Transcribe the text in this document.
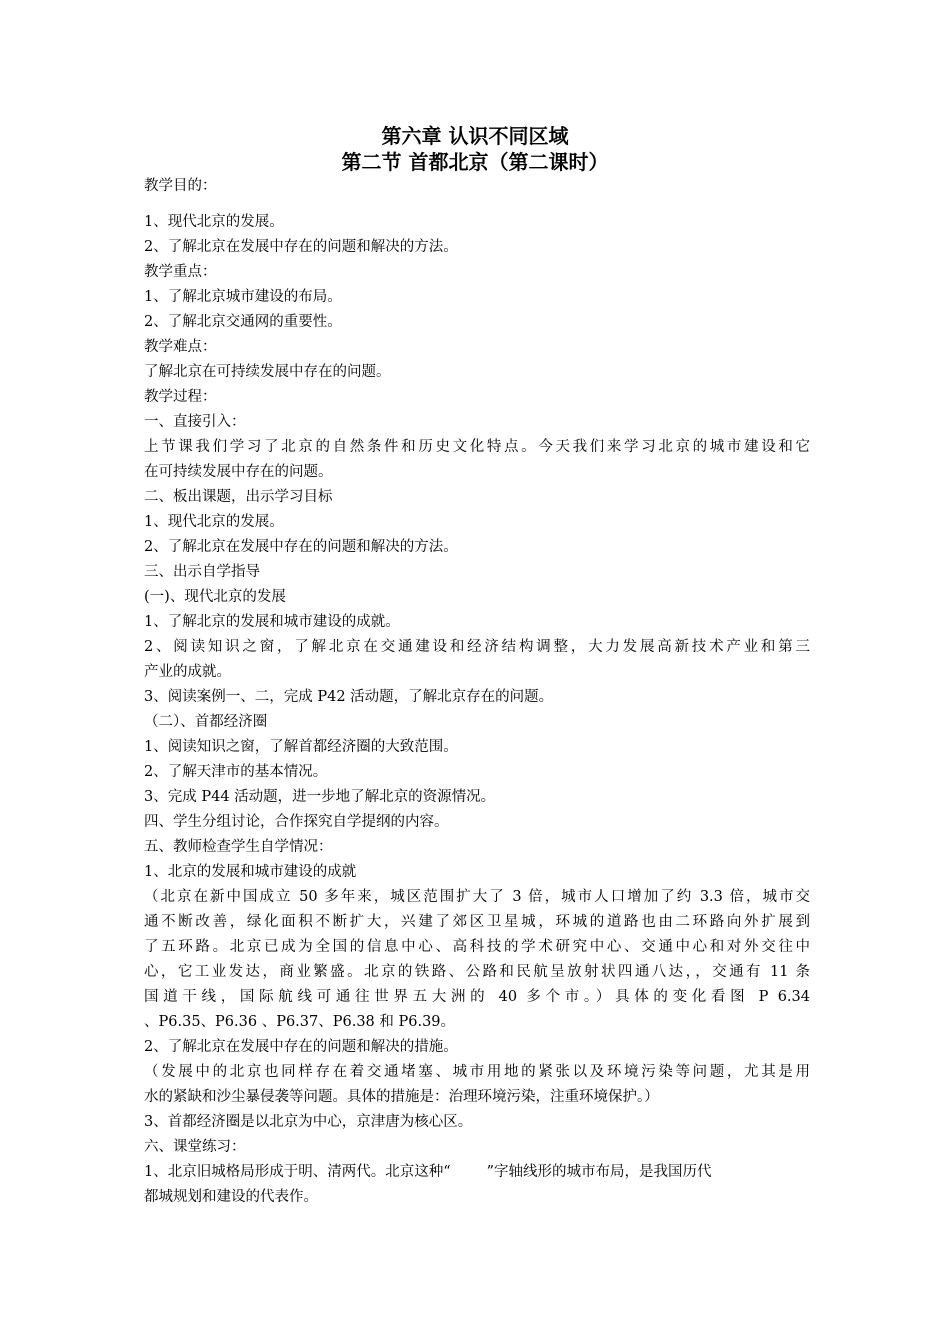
第六章 认识不同区域
第二节 首都北京（第二课时）
教学目的：
1、现代北京的发展。
2、了解北京在发展中存在的问题和解决的方法。
教学重点：
1、了解北京城市建设的布局。
2、了解北京交通网的重要性。
教学难点：
了解北京在可持续发展中存在的问题。
教学过程：
一、直接引入：
上节课我们学习了北京的自然条件和历史文化特点。今天我们来学习北京的城市建设和它
在可持续发展中存在的问题。
二、板出课题，出示学习目标
1、现代北京的发展。
2、了解北京在发展中存在的问题和解决的方法。
三、出示自学指导
(一)、现代北京的发展
1、了解北京的发展和城市建设的成就。
2、阅读知识之窗，了解北京在交通建设和经济结构调整，大力发展高新技术产业和第三
产业的成就。
3、阅读案例一、二，完成 P42 活动题，了解北京存在的问题。
（二）、首都经济圈
1、阅读知识之窗，了解首都经济圈的大致范围。
2、了解天津市的基本情况。
3、完成 P44 活动题，进一步地了解北京的资源情况。
四、学生分组讨论，合作探究自学提纲的内容。
五、教师检查学生自学情况：
1、北京的发展和城市建设的成就
（北京在新中国成立 50 多年来，城区范围扩大了 3 倍，城市人口增加了约 3.3 倍，城市交
通不断改善，绿化面积不断扩大，兴建了郊区卫星城，环城的道路也由二环路向外扩展到
了五环路。北京已成为全国的信息中心、高科技的学术研究中心、交通中心和对外交往中
心，它工业发达，商业繁盛。北京的铁路、公路和民航呈放射状四通八达，，交通有 11 条
国道干线，国际航线可通往世界五大洲的 40 多个市。）具体的变化看图 P 6.34
、P6.35、P6.36 、P6.37、P6.38 和 P6.39。
2、了解北京在发展中存在的问题和解决的措施。
（发展中的北京也同样存在着交通堵塞、城市用地的紧张以及环境污染等问题，尤其是用
水的紧缺和沙尘暴侵袭等问题。具体的措施是：治理环境污染，注重环境保护。）
3、首都经济圈是以北京为中心，京津唐为核心区。
六、课堂练习：
1、北京旧城格局形成于明、清两代。北京这种“ ”字轴线形的城市布局，是我国历代
都城规划和建设的代表作。
